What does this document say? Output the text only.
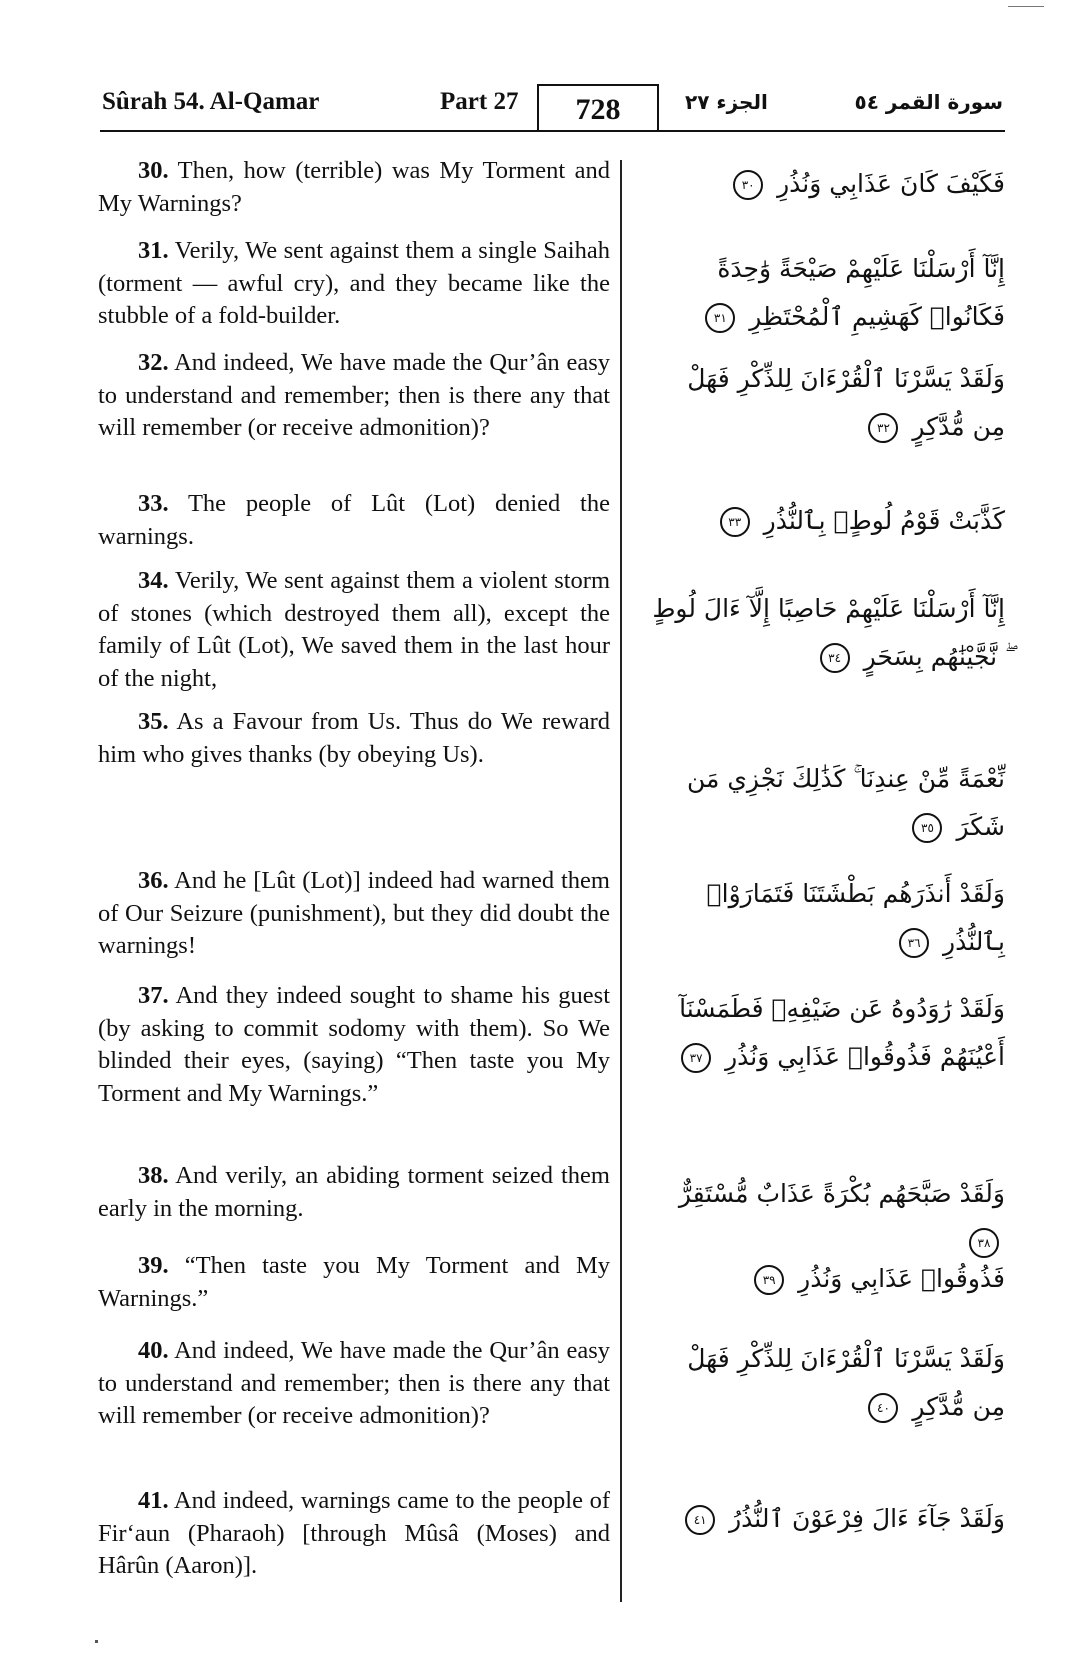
Sûrah 54. Al-Qamar	Part 27	728	الجزء ٢٧	سورة القمر ٥٤

30. Then, how (terrible) was My Torment and My Warnings?

فَكَيْفَ كَانَ عَذَابِي وَنُذُرِ ٣٠

31. Verily, We sent against them a single Saihah (torment — awful cry), and they became like the stubble of a fold-builder.

إِنَّآ أَرْسَلْنَا عَلَيْهِمْ صَيْحَةً وَٰحِدَةً فَكَانُوا۟ كَهَشِيمِ ٱلْمُحْتَظِرِ ٣١

32. And indeed, We have made the Qur’ân easy to understand and remember; then is there any that will remember (or receive admonition)?

وَلَقَدْ يَسَّرْنَا ٱلْقُرْءَانَ لِلذِّكْرِ فَهَلْ مِن مُّدَّكِرٍ ٣٢

33. The people of Lût (Lot) denied the warnings.

كَذَّبَتْ قَوْمُ لُوطٍۭ بِٱلنُّذُرِ ٣٣

34. Verily, We sent against them a violent storm of stones (which destroyed them all), except the family of Lût (Lot), We saved them in the last hour of the night,

إِنَّآ أَرْسَلْنَا عَلَيْهِمْ حَاصِبًا إِلَّآ ءَالَ لُوطٍ ۖ نَّجَّيْنَٰهُم بِسَحَرٍ ٣٤

35. As a Favour from Us. Thus do We reward him who gives thanks (by obeying Us).

نِّعْمَةً مِّنْ عِندِنَا ۚ كَذَٰلِكَ نَجْزِي مَن شَكَرَ ٣٥

36. And he [Lût (Lot)] indeed had warned them of Our Seizure (punishment), but they did doubt the warnings!

وَلَقَدْ أَنذَرَهُم بَطْشَتَنَا فَتَمَارَوْا۟ بِٱلنُّذُرِ ٣٦

37. And they indeed sought to shame his guest (by asking to commit sodomy with them). So We blinded their eyes, (saying) “Then taste you My Torment and My Warnings.”

وَلَقَدْ رَٰوَدُوهُ عَن ضَيْفِهِۦ فَطَمَسْنَآ أَعْيُنَهُمْ فَذُوقُوا۟ عَذَابِي وَنُذُرِ ٣٧

38. And verily, an abiding torment seized them early in the morning.	وَلَقَدْ صَبَّحَهُم بُكْرَةً عَذَابٌ مُّسْتَقِرٌّ ٣٨

39. “Then taste you My Torment and My Warnings.”

فَذُوقُوا۟ عَذَابِي وَنُذُرِ ٣٩

40. And indeed, We have made the Qur’ân easy to understand and remember; then is there any that will remember (or receive admonition)?

وَلَقَدْ يَسَّرْنَا ٱلْقُرْءَانَ لِلذِّكْرِ فَهَلْ مِن مُّدَّكِرٍ ٤٠

41. And indeed, warnings came to the people of Fir‘aun (Pharaoh) [through Mûsâ (Moses) and Hârûn (Aaron)].

وَلَقَدْ جَآءَ ءَالَ فِرْعَوْنَ ٱلنُّذُرُ ٤١
